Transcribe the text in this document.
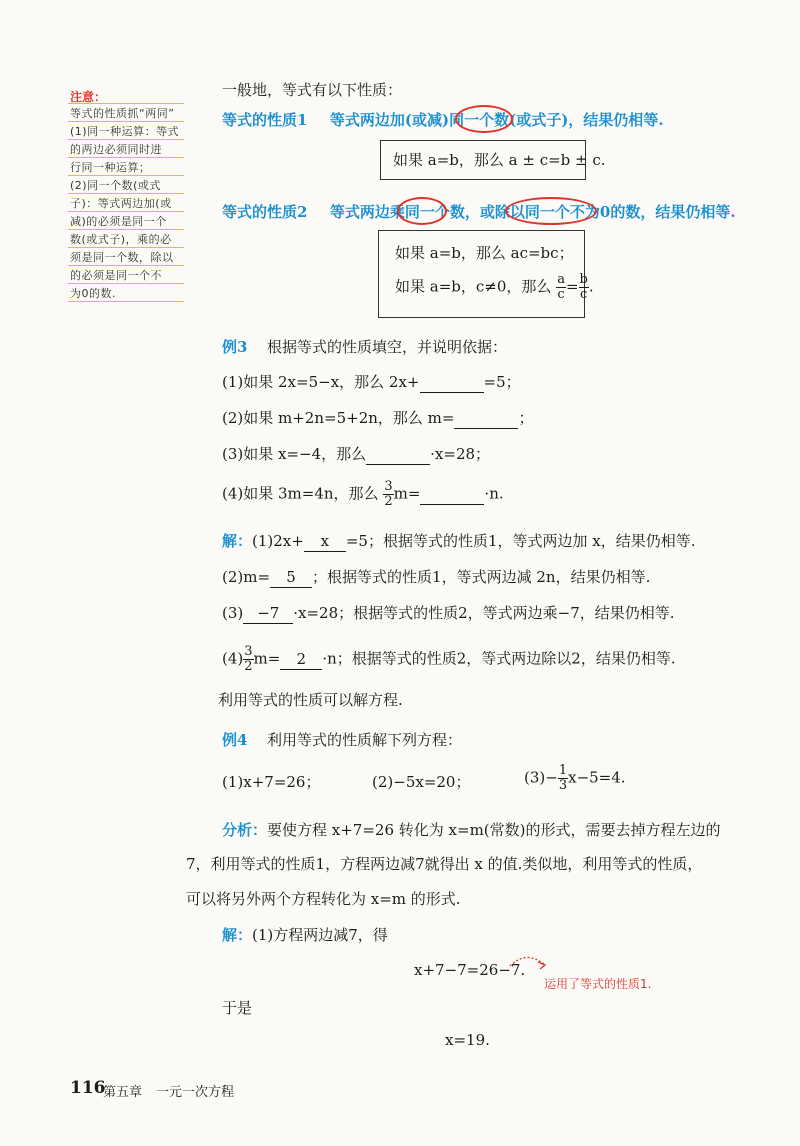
注意：
等式的性质抓“两同”
(1)同一种运算：等式
的两边必须同时进
行同一种运算；
(2)同一个数(或式
子)：等式两边加(或
减)的必须是同一个
数(或式子)，乘的必
须是同一个数，除以
的必须是同一个不
为0的数.
一般地，等式有以下性质：
等式的性质1 等式两边加(或减)同一个数(或式子)，结果仍相等.
如果 a=b，那么 a ± c=b ± c.
等式的性质2 等式两边乘同一个数，或除以同一个不为0的数，结果仍相等.
如果 a=b，那么 ac=bc；
如果 a=b，c≠0，那么 $\frac{a}{c} = \frac{b}{c}$ .
例3 根据等式的性质填空，并说明依据：
(1)如果 2x=5−x，那么 2x+	=5；
(2)如果 m+2n=5+2n，那么 m=	；
(3)如果 x=−4，那么	·x=28；
(4)如果 3m=4n，那么 $\frac{3}{2} m=$	·n.
解：(1)2x+ x =5；根据等式的性质1，等式两边加 x，结果仍相等.
(2)m= 5 ；根据等式的性质1，等式两边减 2n，结果仍相等.
(3) −7 ·x=28；根据等式的性质2，等式两边乘−7，结果仍相等.
$(4) \frac{3}{2} m= 2 \cdot n$；根据等式的性质2，等式两边除以2，结果仍相等.
利用等式的性质可以解方程.
例4 利用等式的性质解下列方程：
(1)x+7=26；	(2)−5x=20；	$(3)- \frac{1}{3} x-5=4$.
分析：要使方程 x+7=26 转化为 x=m(常数)的形式，需要去掉方程左边的
7，利用等式的性质1，方程两边减7就得出 x 的值.类似地，利用等式的性质，
可以将另外两个方程转化为 x=m 的形式.
解：(1)方程两边减7，得
x+7−7=26−7.
运用了等式的性质1.
于是
x=19.
116
第五章 一元一次方程
